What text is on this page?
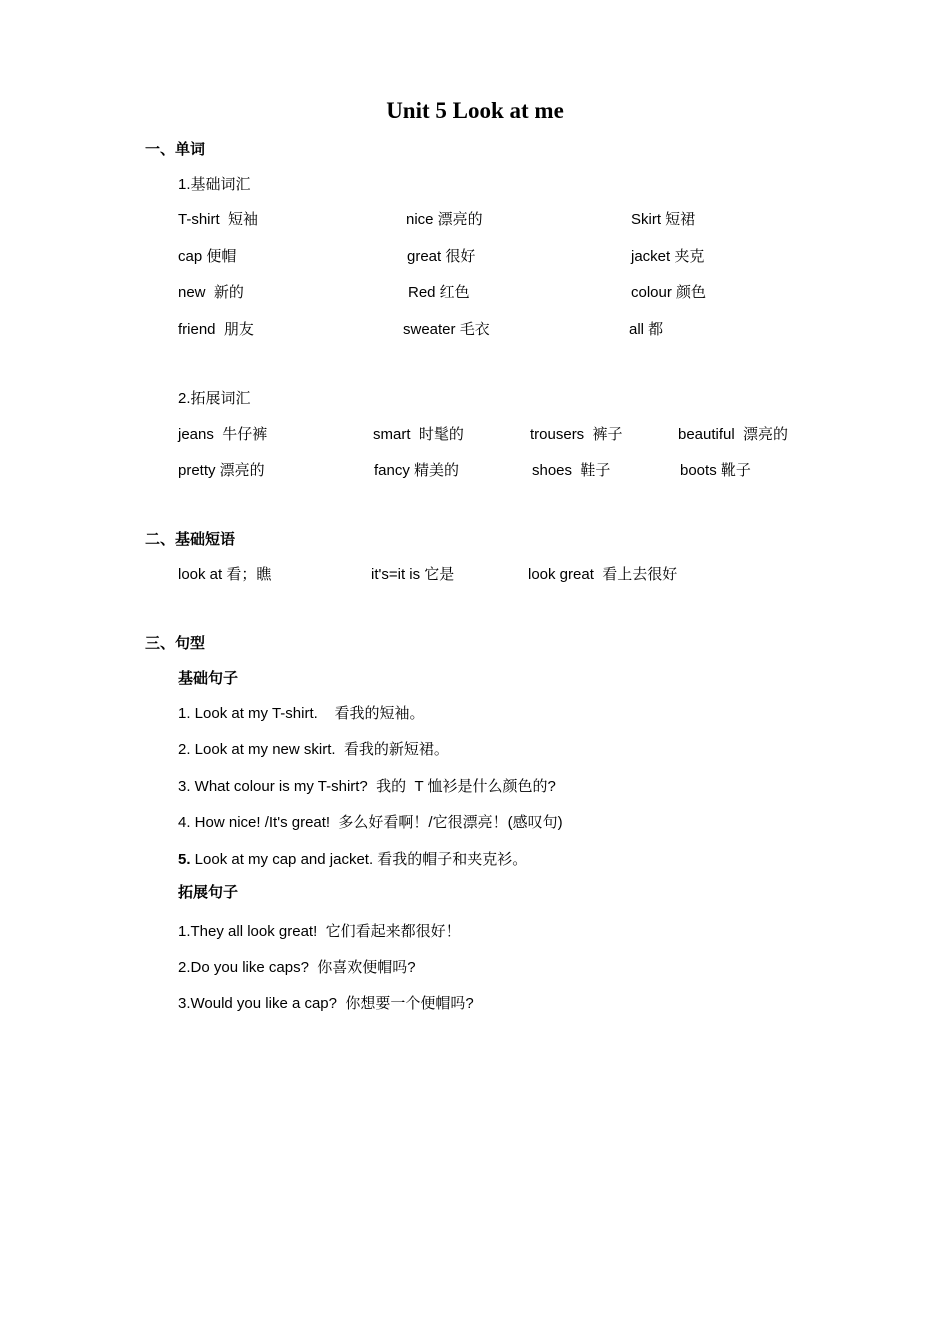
Unit 5 Look at me
一、单词
1.基础词汇
T-shirt  短袖	nice 漂亮的	Skirt 短裙
cap 便帽	great 很好	jacket 夹克
new  新的	Red 红色	colour 颜色
friend  朋友	sweater 毛衣	all 都
2.拓展词汇
jeans  牛仔裤	smart  时髦的	trousers  裤子	beautiful  漂亮的
pretty 漂亮的	fancy 精美的	shoes  鞋子	boots 靴子
二、基础短语
look at 看；瞧	it's=it is 它是	look great  看上去很好
三、句型
基础句子
1. Look at my T-shirt.    看我的短袖。
2. Look at my new skirt.  看我的新短裙。
3. What colour is my T-shirt?  我的  T 恤衫是什么颜色的?
4. How nice! /It's great!  多么好看啊！/它很漂亮！(感叹句)
5. Look at my cap and jacket. 看我的帽子和夹克衫。
拓展句子
1.They all look great!  它们看起来都很好！
2.Do you like caps?  你喜欢便帽吗?
3.Would you like a cap?  你想要一个便帽吗?
